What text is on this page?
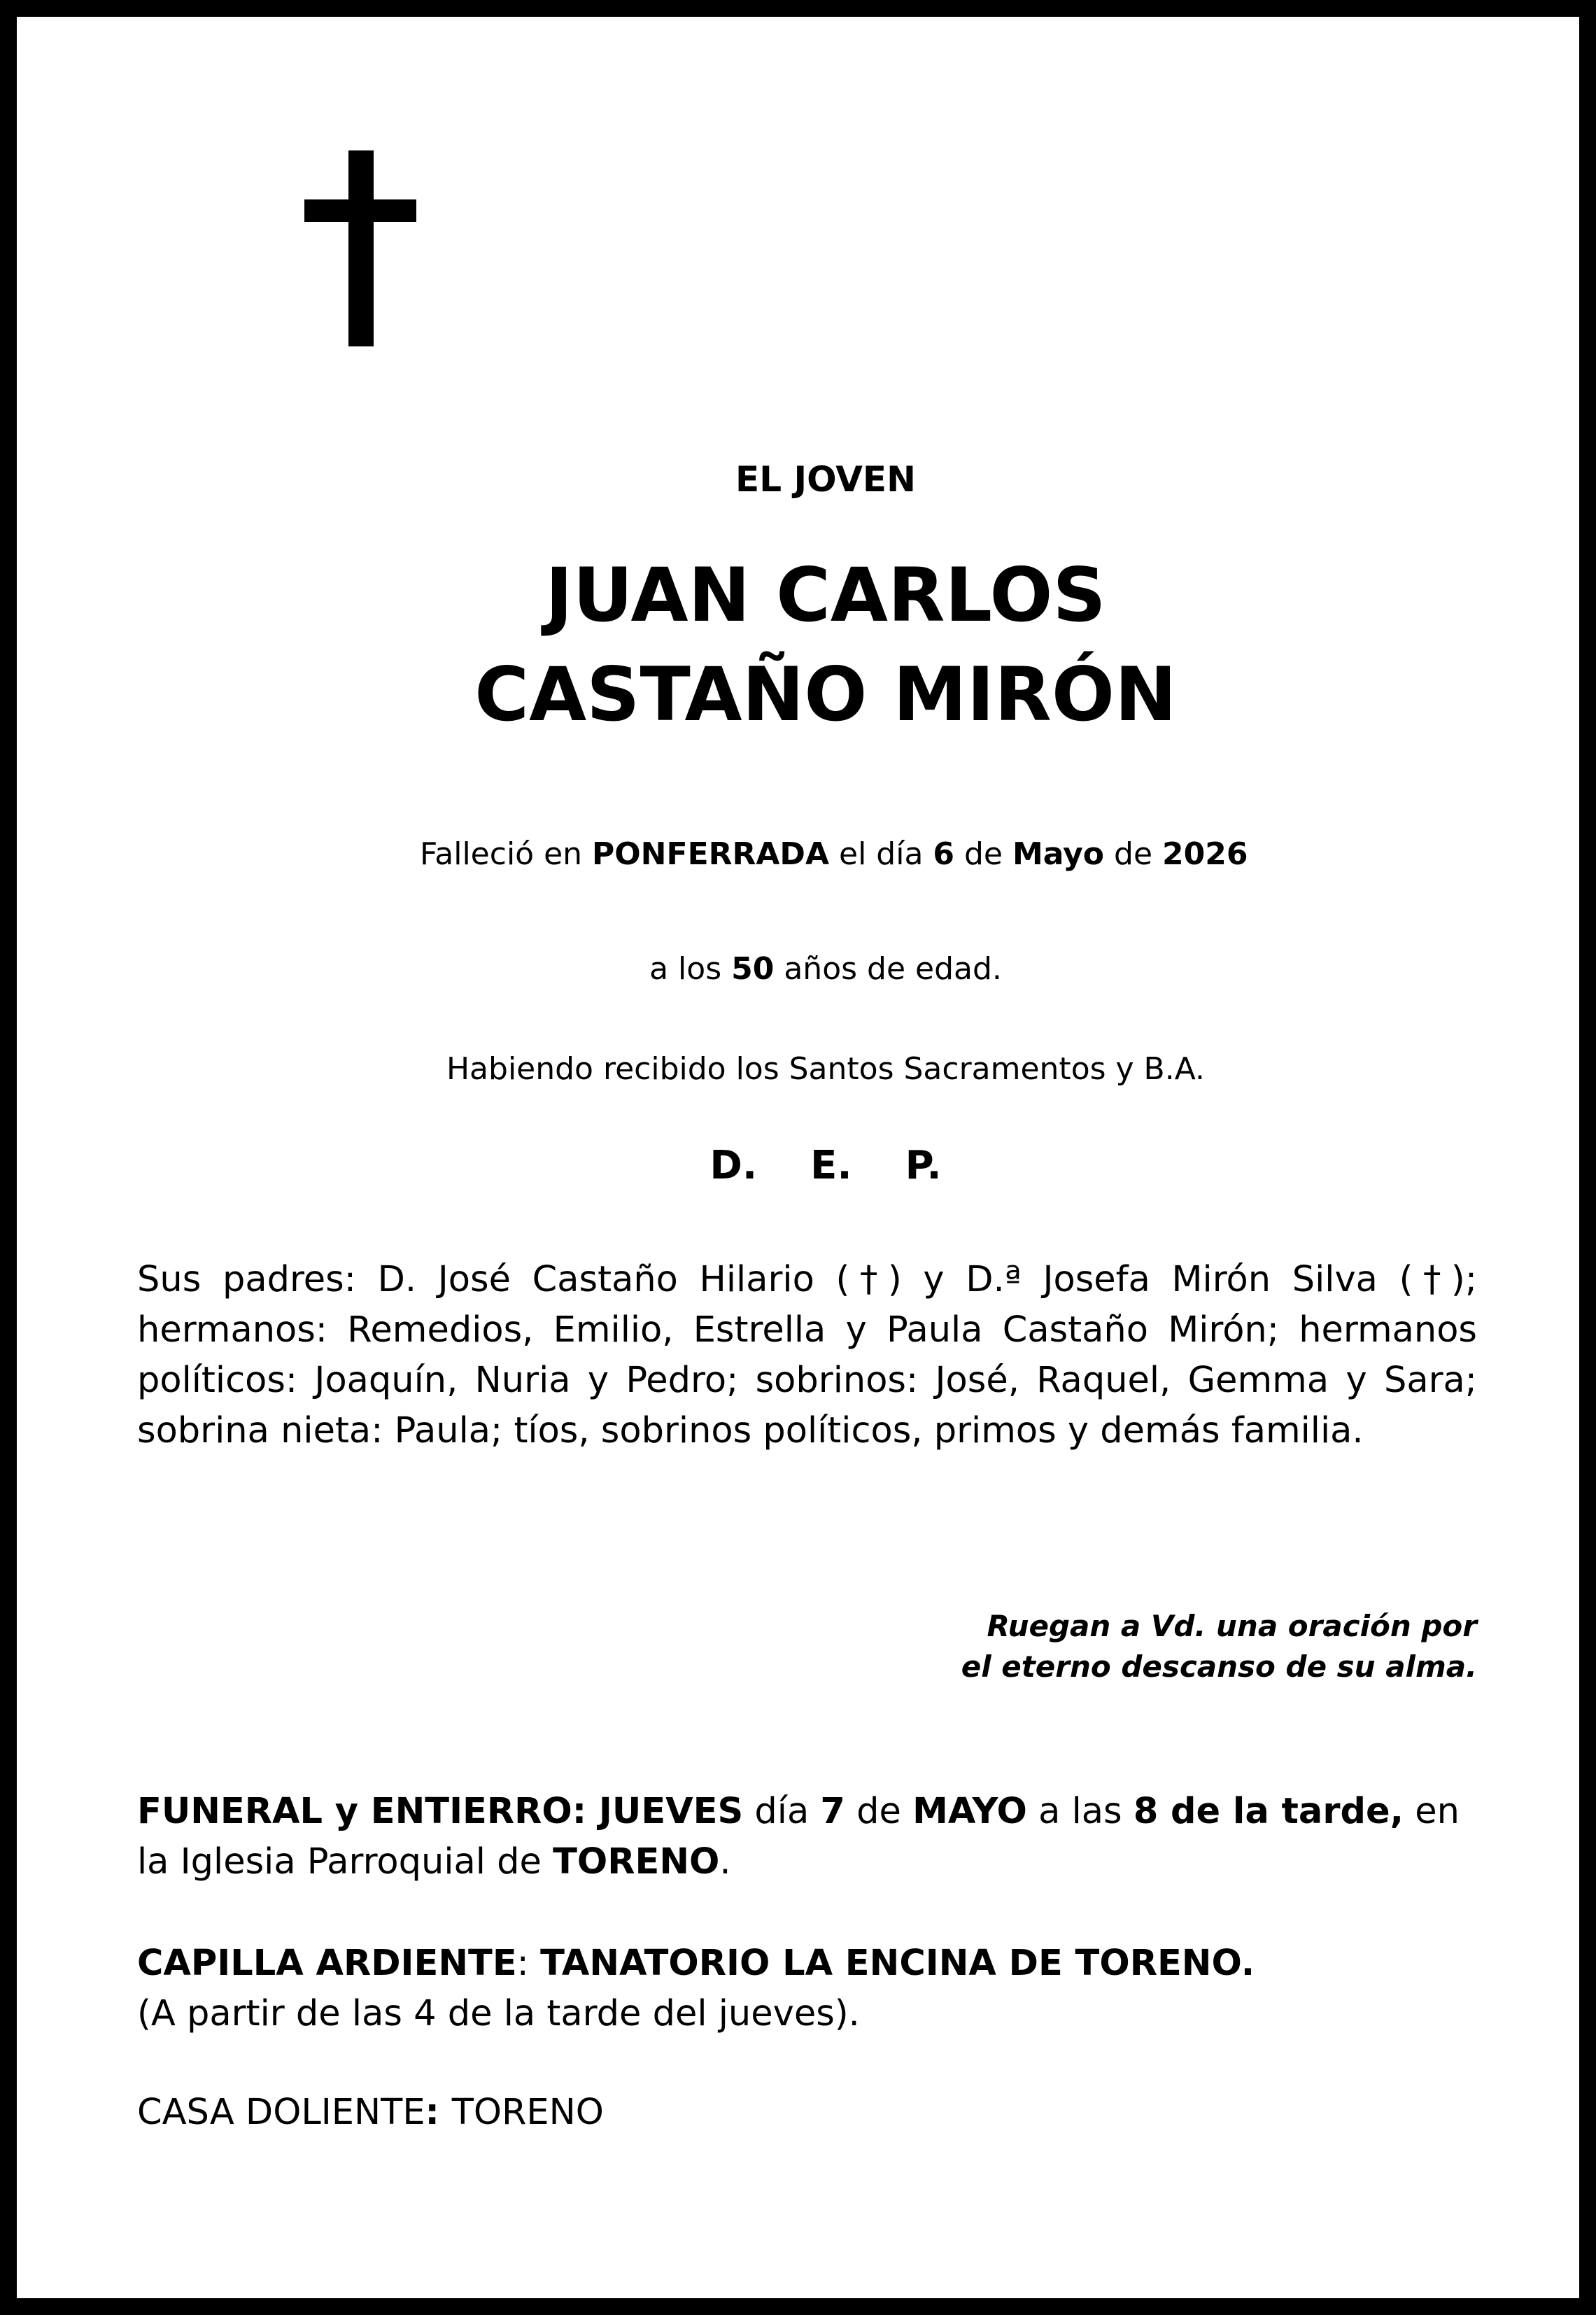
EL JOVEN
JUAN CARLOS
CASTAÑO MIRÓN
Falleció en PONFERRADA el día 6 de Mayo de 2026
a los 50 años de edad.
Habiendo recibido los Santos Sacramentos y B.A.
D. E. P.
Sus padres: D. José Castaño Hilario (†) y D.ª Josefa Mirón Silva (†); hermanos: Remedios, Emilio, Estrella y Paula Castaño Mirón; hermanos políticos: Joaquín, Nuria y Pedro; sobrinos: José, Raquel, Gemma y Sara; sobrina nieta: Paula; tíos, sobrinos políticos, primos y demás familia.
Ruegan a Vd. una oración por
el eterno descanso de su alma.
FUNERAL y ENTIERRO: JUEVES día 7 de MAYO a las 8 de la tarde, en la Iglesia Parroquial de TORENO.
CAPILLA ARDIENTE: TANATORIO LA ENCINA DE TORENO.
(A partir de las 4 de la tarde del jueves).
CASA DOLIENTE: TORENO
